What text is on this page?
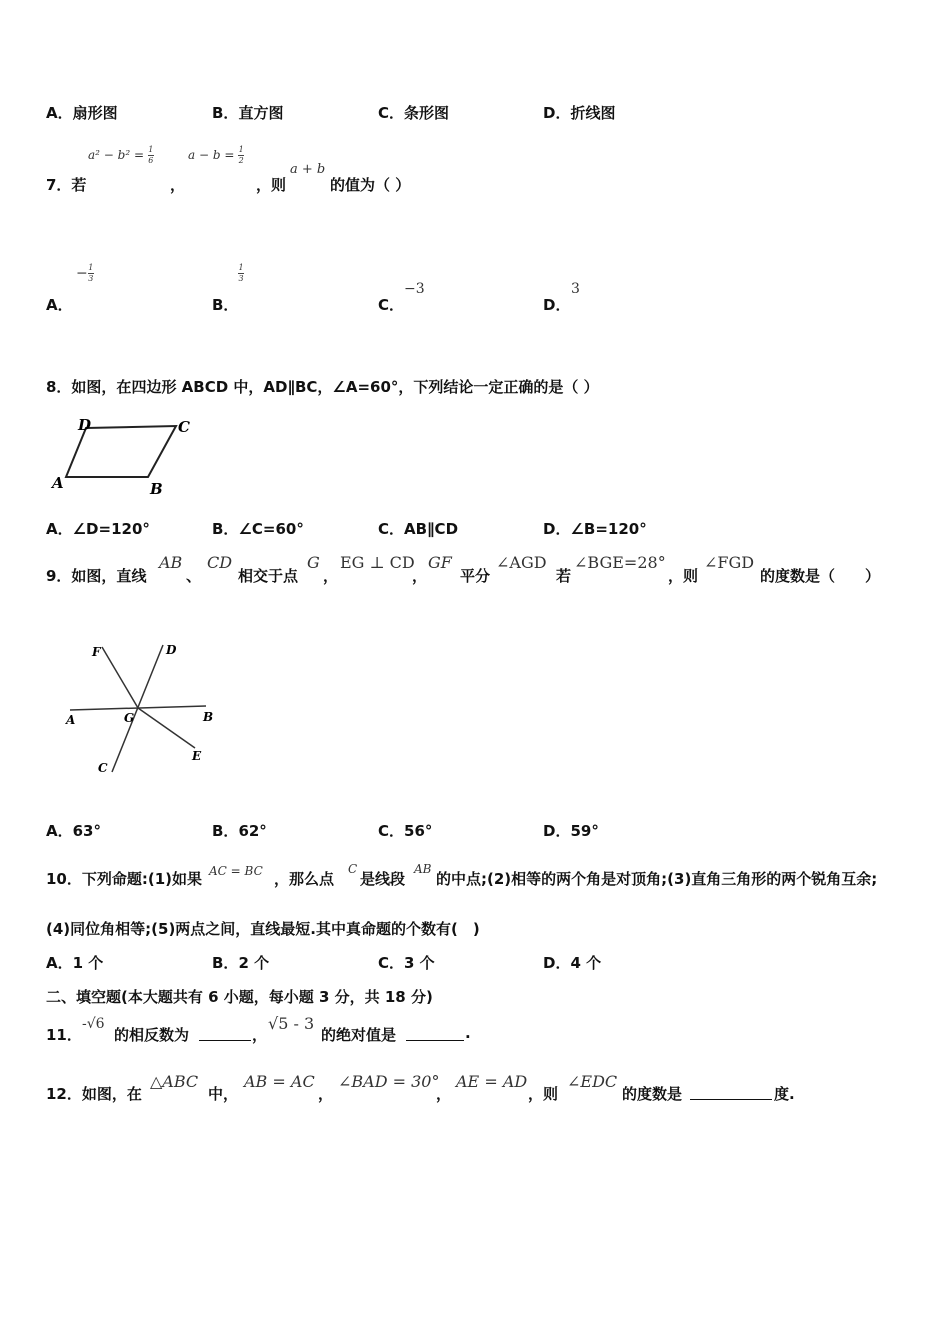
A．扇形图	B．直方图	C．条形图	D．折线图
7．若
$a^2 - b^2 = \frac{1}{6}$
，
$a - b = \frac{1}{2}$
，则
a + b
的值为（ ）
A．
− $\frac{1}{3}$
B．
$\frac{1}{3}$
C．
−3
D．
3
8．如图，在四边形 ABCD 中，AD∥BC，∠A=60°，下列结论一定正确的是（ ）
D	C
A	B
A．∠D=120°	B．∠C=60°	C．AB∥CD	D．∠B=120°
9．如图，直线
AB
、
CD
相交于点
G
，
EG ⊥ CD
，
GF
平分
∠AGD
若
∠BGE=28°
，则
∠FGD
的度数是（　　）
F	D
A	G	B
C
E
A．63°	B．62°	C．56°	D．59°
10．下列命题:(1)如果 AC = BC ，那么点
C
是线段
AB
的中点;(2)相等的两个角是对顶角;(3)直角三角形的两个锐角互余;
(4)同位角相等;(5)两点之间，直线最短.其中真命题的个数有(　)
A．1 个	B．2 个	C．3 个	D．4 个
二、填空题(本大题共有 6 小题，每小题 3 分，共 18 分)
11．
-√6
的相反数为	，
√5 - 3
的绝对值是	.
12．如图，在
△ABC
中，
AB = AC
，
∠BAD = 30°
，
AE = AD
，则
∠EDC
的度数是	度.
